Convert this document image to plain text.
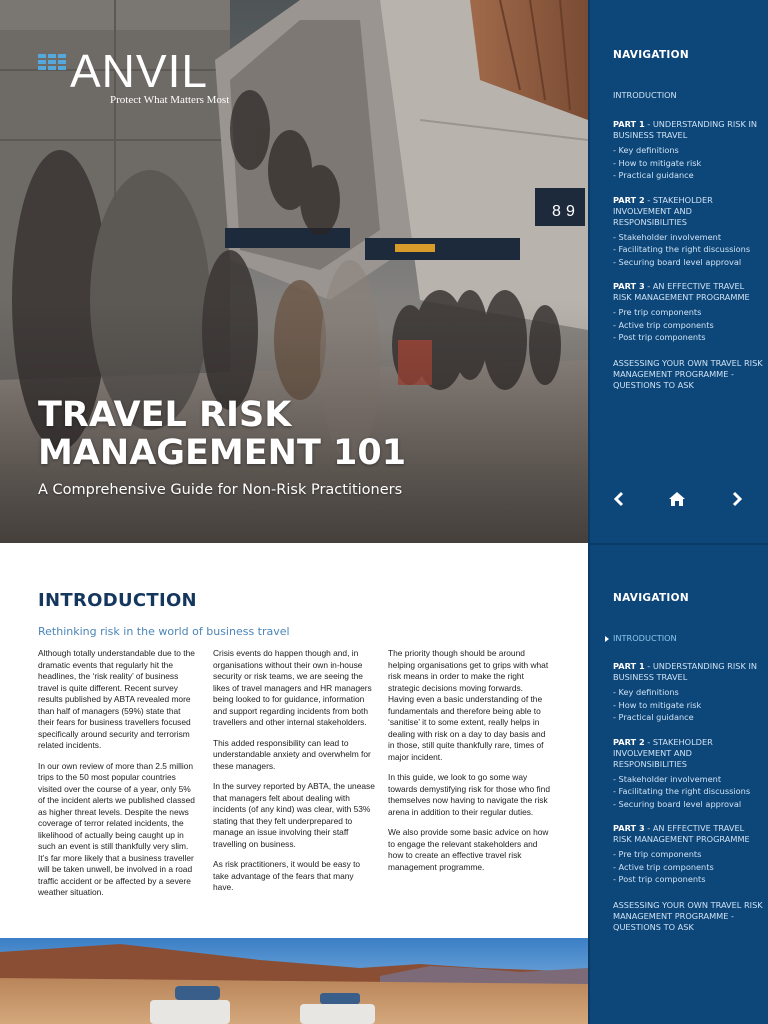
ANVIL
Protect What Matters Most
8 9
TRAVEL RISK
MANAGEMENT 101
A Comprehensive Guide for Non-Risk Practitioners
NAVIGATION
INTRODUCTION
PART 1 - UNDERSTANDING RISK IN BUSINESS TRAVEL
- Key definitions
- How to mitigate risk
- Practical guidance
PART 2 - STAKEHOLDER INVOLVEMENT AND RESPONSIBILITIES
- Stakeholder involvement
- Facilitating the right discussions
- Securing board level approval
PART 3 - AN EFFECTIVE TRAVEL RISK MANAGEMENT PROGRAMME
- Pre trip components
- Active trip components
- Post trip components
ASSESSING YOUR OWN TRAVEL RISK MANAGEMENT PROGRAMME - QUESTIONS TO ASK
NAVIGATION
INTRODUCTION
PART 1 - UNDERSTANDING RISK IN BUSINESS TRAVEL
- Key definitions
- How to mitigate risk
- Practical guidance
PART 2 - STAKEHOLDER INVOLVEMENT AND RESPONSIBILITIES
- Stakeholder involvement
- Facilitating the right discussions
- Securing board level approval
PART 3 - AN EFFECTIVE TRAVEL RISK MANAGEMENT PROGRAMME
- Pre trip components
- Active trip components
- Post trip components
ASSESSING YOUR OWN TRAVEL RISK MANAGEMENT PROGRAMME - QUESTIONS TO ASK
INTRODUCTION
Rethinking risk in the world of business travel

Although totally understandable due to the dramatic events that regularly hit the headlines, the ‘risk reality’ of business travel is quite different. Recent survey results published by ABTA revealed more than half of managers (59%) state that their fears for business travellers focused specifically around security and terrorism related incidents.

In our own review of more than 2.5 million trips to the 50 most popular countries visited over the course of a year, only 5% of the incident alerts we published classed as higher threat levels. Despite the news coverage of terror related incidents, the likelihood of actually being caught up in such an event is still thankfully very slim. It’s far more likely that a business traveller will be taken unwell, be involved in a road traffic accident or be affected by a severe weather situation.

Crisis events do happen though and, in organisations without their own in-house security or risk teams, we are seeing the likes of travel managers and HR managers being looked to for guidance, information and support regarding incidents from both travellers and other internal stakeholders.

This added responsibility can lead to understandable anxiety and overwhelm for these managers.

In the survey reported by ABTA, the unease that managers felt about dealing with incidents (of any kind) was clear, with 53% stating that they felt underprepared to manage an issue involving their staff travelling on business.

As risk practitioners, it would be easy to take advantage of the fears that many have.

The priority though should be around helping organisations get to grips with what risk means in order to make the right strategic decisions moving forwards. Having even a basic understanding of the fundamentals and therefore being able to ‘sanitise’ it to some extent, really helps in dealing with risk on a day to day basis and in those, still quite thankfully rare, times of major incident.

In this guide, we look to go some way towards demystifying risk for those who find themselves now having to navigate the risk arena in addition to their regular duties.

We also provide some basic advice on how to engage the relevant stakeholders and how to create an effective travel risk management programme.
